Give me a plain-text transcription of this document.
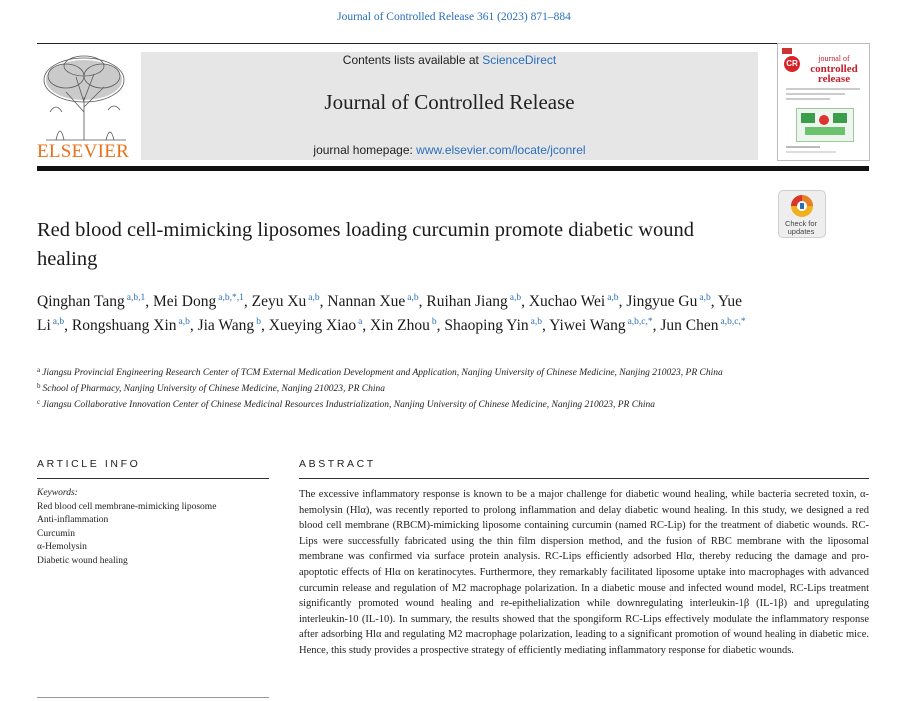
Journal of Controlled Release 361 (2023) 871–884
ELSEVIER
Contents lists available at ScienceDirect
Journal of Controlled Release
journal homepage: www.elsevier.com/locate/jconrel
CR
journal of
controlled
release
Red blood cell-mimicking liposomes loading curcumin promote diabetic wound healing
Check for updates
Qinghan Tang $^{a,b,1}$, Mei Dong $^{a,b,*,1}$, Zeyu Xu $^{a,b}$, Nannan Xue $^{a,b}$, Ruihan Jiang $^{a,b}$, Xuchao Wei $^{a,b}$, Jingyue Gu $^{a,b}$, Yue Li $^{a,b}$, Rongshuang Xin $^{a,b}$, Jia Wang $^b$, Xueying Xiao $^a$, Xin Zhou $^b$, Shaoping Yin $^{a,b}$, Yiwei Wang $^{a,b,c,*}$, Jun Chen $^{a,b,c,*}$
$^a$ Jiangsu Provincial Engineering Research Center of TCM External Medication Development and Application, Nanjing University of Chinese Medicine, Nanjing 210023, PR China
$^b$ School of Pharmacy, Nanjing University of Chinese Medicine, Nanjing 210023, PR China
$^c$ Jiangsu Collaborative Innovation Center of Chinese Medicinal Resources Industrialization, Nanjing University of Chinese Medicine, Nanjing 210023, PR China
ARTICLE INFO
Keywords:
Red blood cell membrane-mimicking liposome
Anti-inflammation
Curcumin
α-Hemolysin
Diabetic wound healing
ABSTRACT
The excessive inflammatory response is known to be a major challenge for diabetic wound healing, while bacteria secreted toxin, α-hemolysin (Hlα), was recently reported to prolong inflammation and delay diabetic wound healing. In this study, we designed a red blood cell membrane (RBCM)-mimicking liposome containing curcumin (named RC-Lip) for the treatment of diabetic wounds. RC-Lips were successfully fabricated using the thin film dispersion method, and the fusion of RBC membrane with the liposomal membrane was confirmed via surface protein analysis. RC-Lips efficiently adsorbed Hlα, thereby reducing the damage and pro-apoptotic effects of Hlα on keratinocytes. Furthermore, they remarkably facilitated liposome uptake into macrophages with advanced curcumin release and regulation of M2 macrophage polarization. In a diabetic mouse and infected wound model, RC-Lips treatment significantly promoted wound healing and re-epithelialization while downregulating interleukin-1β (IL-1β) and upregulating interleukin-10 (IL-10). In summary, the results showed that the spongiform RC-Lips effectively modulate the inflammatory response after adsorbing Hlα and regulating M2 macrophage polarization, leading to a significant promotion of wound healing in diabetic mice. Hence, this study provides a prospective strategy of efficiently mediating inflammatory response for diabetic wounds.
